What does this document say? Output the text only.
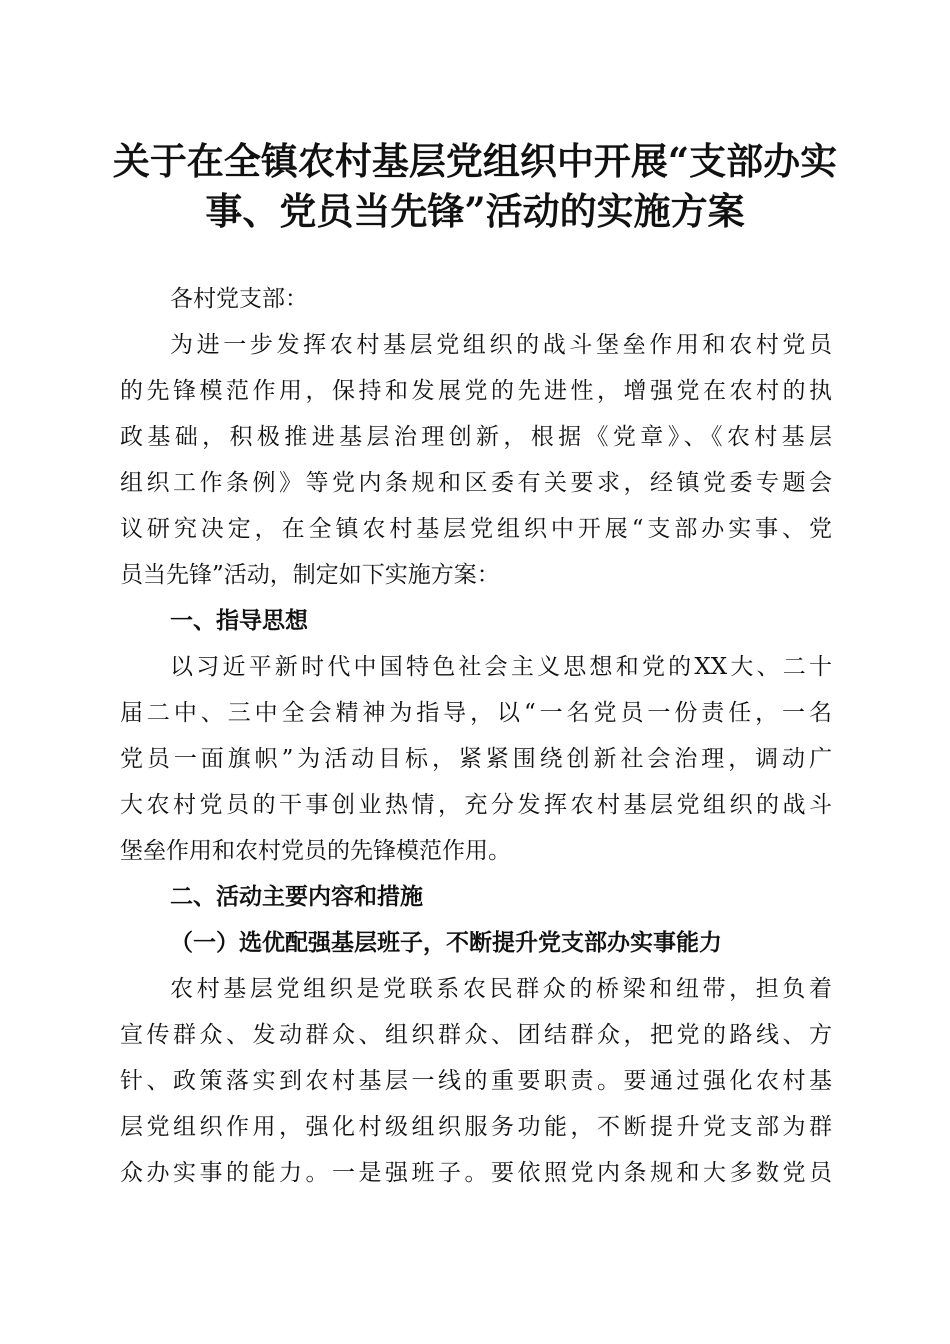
关于在全镇农村基层党组织中开展“支部办实
事、党员当先锋”活动的实施方案
各村党支部：
为进一步发挥农村基层党组织的战斗堡垒作用和农村党员
的先锋模范作用，保持和发展党的先进性，增强党在农村的执
政基础，积极推进基层治理创新，根据《党章》、《农村基层
组织工作条例》等党内条规和区委有关要求，经镇党委专题会
议研究决定，在全镇农村基层党组织中开展“支部办实事、党
员当先锋”活动，制定如下实施方案：
一、指导思想
以习近平新时代中国特色社会主义思想和党的XX大、二十
届二中、三中全会精神为指导，以“一名党员一份责任，一名
党员一面旗帜”为活动目标，紧紧围绕创新社会治理，调动广
大农村党员的干事创业热情，充分发挥农村基层党组织的战斗
堡垒作用和农村党员的先锋模范作用。
二、活动主要内容和措施
（一）选优配强基层班子，不断提升党支部办实事能力
农村基层党组织是党联系农民群众的桥梁和纽带，担负着
宣传群众、发动群众、组织群众、团结群众，把党的路线、方
针、政策落实到农村基层一线的重要职责。要通过强化农村基
层党组织作用，强化村级组织服务功能，不断提升党支部为群
众办实事的能力。一是强班子。要依照党内条规和大多数党员
